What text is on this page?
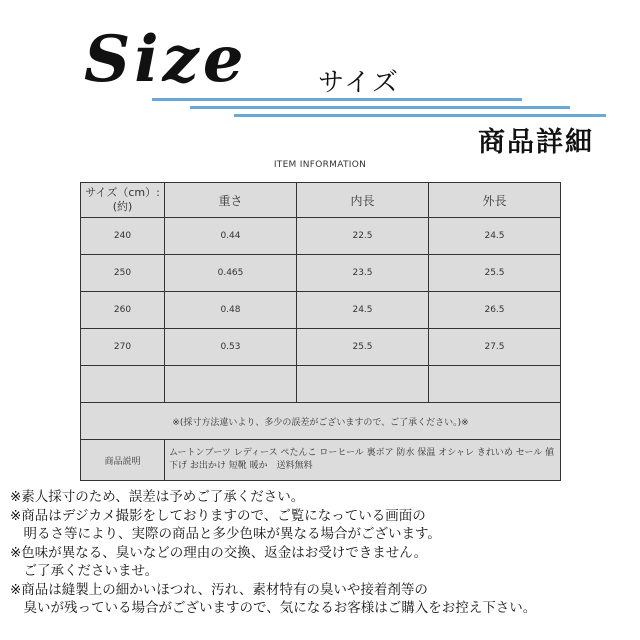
Size	サイズ
商品詳細
ITEM INFORMATION
サイズ（cm）:(約)	重さ	内長	外長
240	0.44	22.5	24.5
250	0.465	23.5	25.5
260	0.48	24.5	26.5
270	0.53	25.5	27.5

※(採寸方法違いより、多少の誤差がございますので、ご了承ください。)※			
商品説明	ムートンブーツ レディース ぺたんこ ローヒール 裏ボア 防水 保温 オシャレ きれいめ セール 値下げ お出かけ 短靴 暖か　送料無料		
※素人採寸のため、誤差は予めご了承ください。
※商品はデジカメ撮影をしておりますので、ご覧になっている画面の
　明るさ等により、実際の商品と多少色味が異なる場合がございます。
※色味が異なる、臭いなどの理由の交換、返金はお受けできません。
　ご了承くださいませ。
※商品は縫製上の細かいほつれ、汚れ、素材特有の臭いや接着剤等の
　臭いが残っている場合がございますので、気になるお客様はご購入をお控え下さい。
